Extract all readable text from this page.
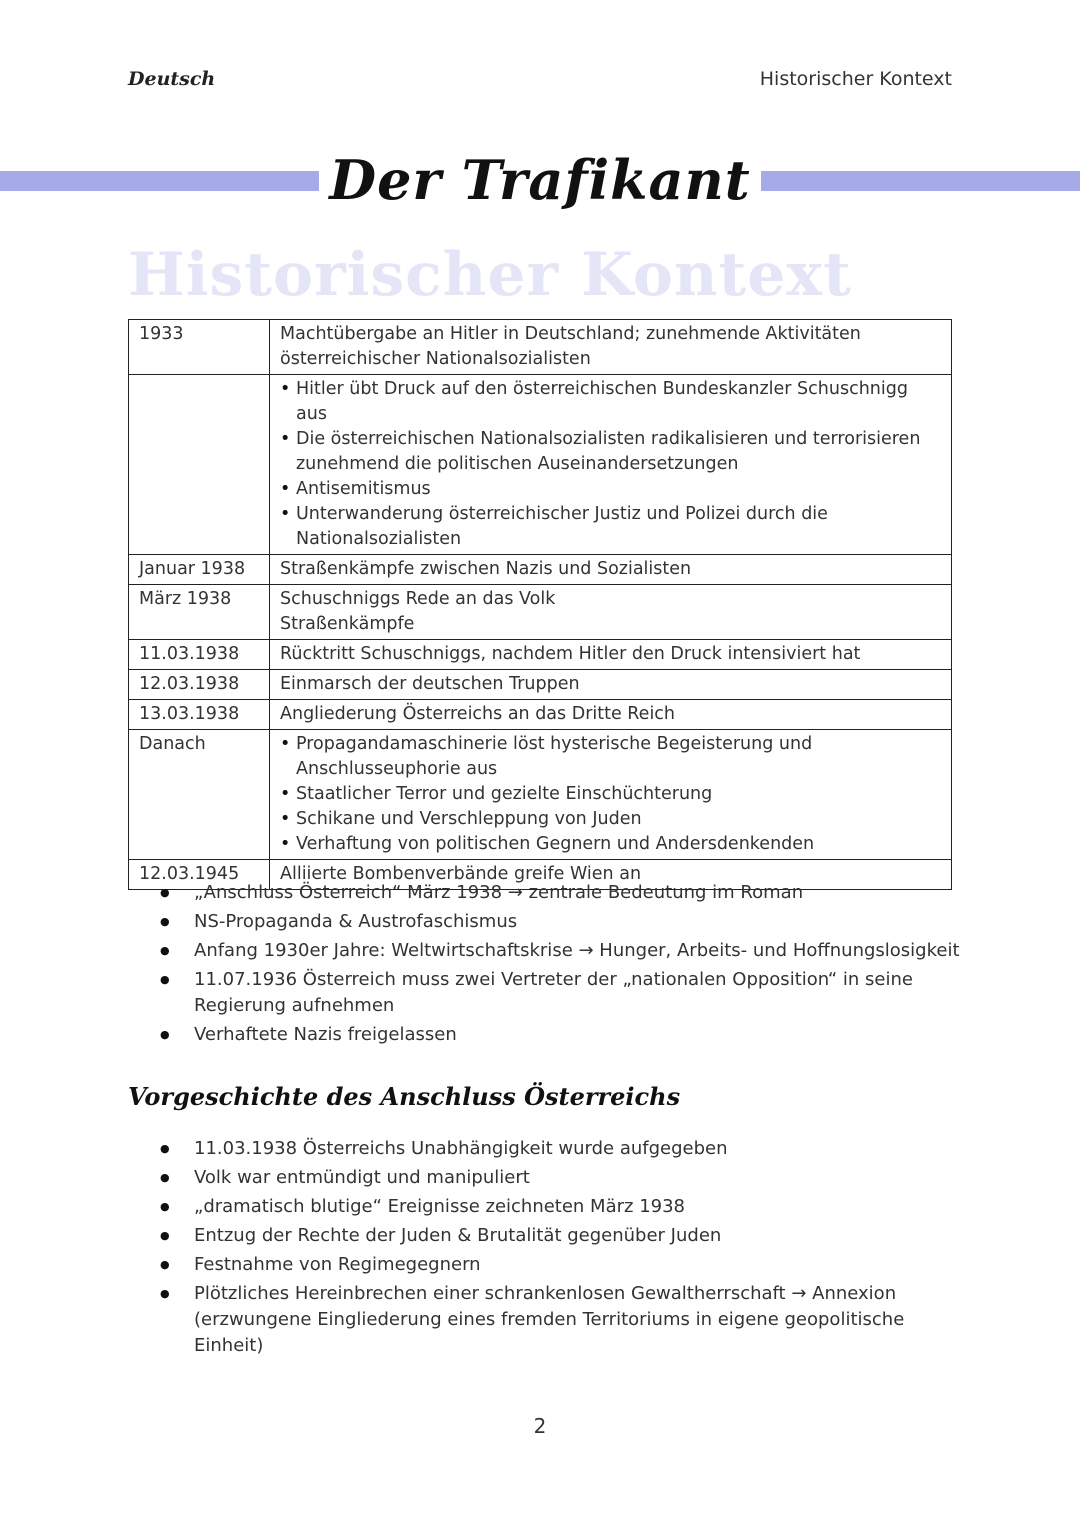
Deutsch	Historischer Kontext
Der Trafikant
Historischer Kontext
1933	Machtübergabe an Hitler in Deutschland; zunehmende Aktivitäten österreichischer Nationalsozialisten

	• Hitler übt Druck auf den österreichischen Bundeskanzler Schuschnigg aus
• Die österreichischen Nationalsozialisten radikalisieren und terrorisieren zunehmend die politischen Auseinandersetzungen
• Antisemitismus
• Unterwanderung österreichischer Justiz und Polizei durch die Nationalsozialisten

Januar 1938	Straßenkämpfe zwischen Nazis und Sozialisten

März 1938	Schuschniggs Rede an das Volk
Straßenkämpfe

11.03.1938	Rücktritt Schuschniggs, nachdem Hitler den Druck intensiviert hat

12.03.1938	Einmarsch der deutschen Truppen

13.03.1938	Angliederung Österreichs an das Dritte Reich

Danach	• Propagandamaschinerie löst hysterische Begeisterung und Anschlusseuphorie aus
• Staatlicher Terror und gezielte Einschüchterung
• Schikane und Verschleppung von Juden
• Verhaftung von politischen Gegnern und Andersdenkenden

12.03.1945	Alliierte Bombenverbände greife Wien an
● „Anschluss Österreich“ März 1938 → zentrale Bedeutung im Roman
● NS-Propaganda & Austrofaschismus
● Anfang 1930er Jahre: Weltwirtschaftskrise → Hunger, Arbeits- und Hoffnungslosigkeit
● 11.07.1936 Österreich muss zwei Vertreter der „nationalen Opposition“ in seine Regierung aufnehmen
● Verhaftete Nazis freigelassen
Vorgeschichte des Anschluss Österreichs
● 11.03.1938 Österreichs Unabhängigkeit wurde aufgegeben
● Volk war entmündigt und manipuliert
● „dramatisch blutige“ Ereignisse zeichneten März 1938
● Entzug der Rechte der Juden & Brutalität gegenüber Juden
● Festnahme von Regimegegnern
● Plötzliches Hereinbrechen einer schrankenlosen Gewaltherrschaft → Annexion (erzwungene Eingliederung eines fremden Territoriums in eigene geopolitische Einheit)
2
